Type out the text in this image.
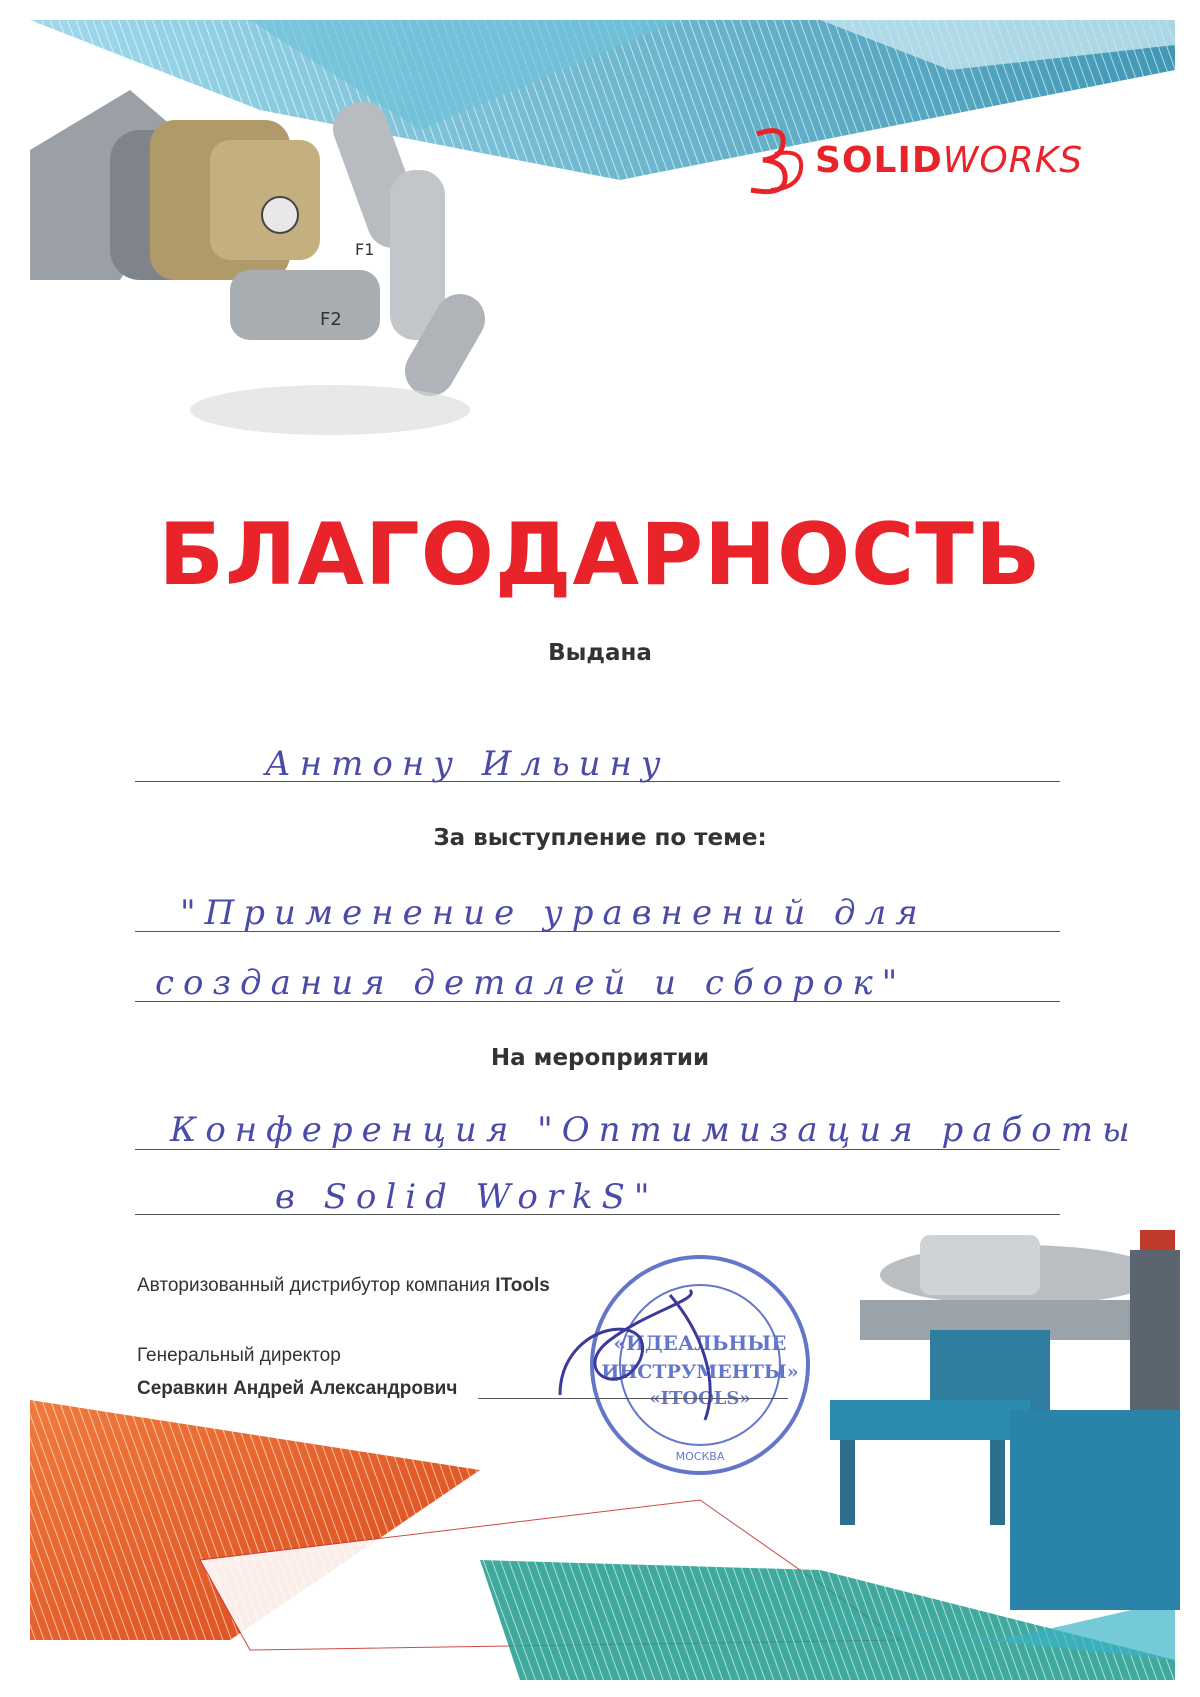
F2
F1
«ИДЕАЛЬНЫЕ
ИНСТРУМЕНТЫ»
«ITOOLS»
МОСКВА
SOLIDWORKS
БЛАГОДАРНОСТЬ
Выдана
Антону Ильину
За выступление по теме:
"Применение уравнений для
создания деталей и сборок"
На мероприятии
Конференция "Оптимизация работы
в Solid WorkS"
Авторизованный дистрибутор компания ITools
Генеральный директор
Серавкин Андрей Александрович
